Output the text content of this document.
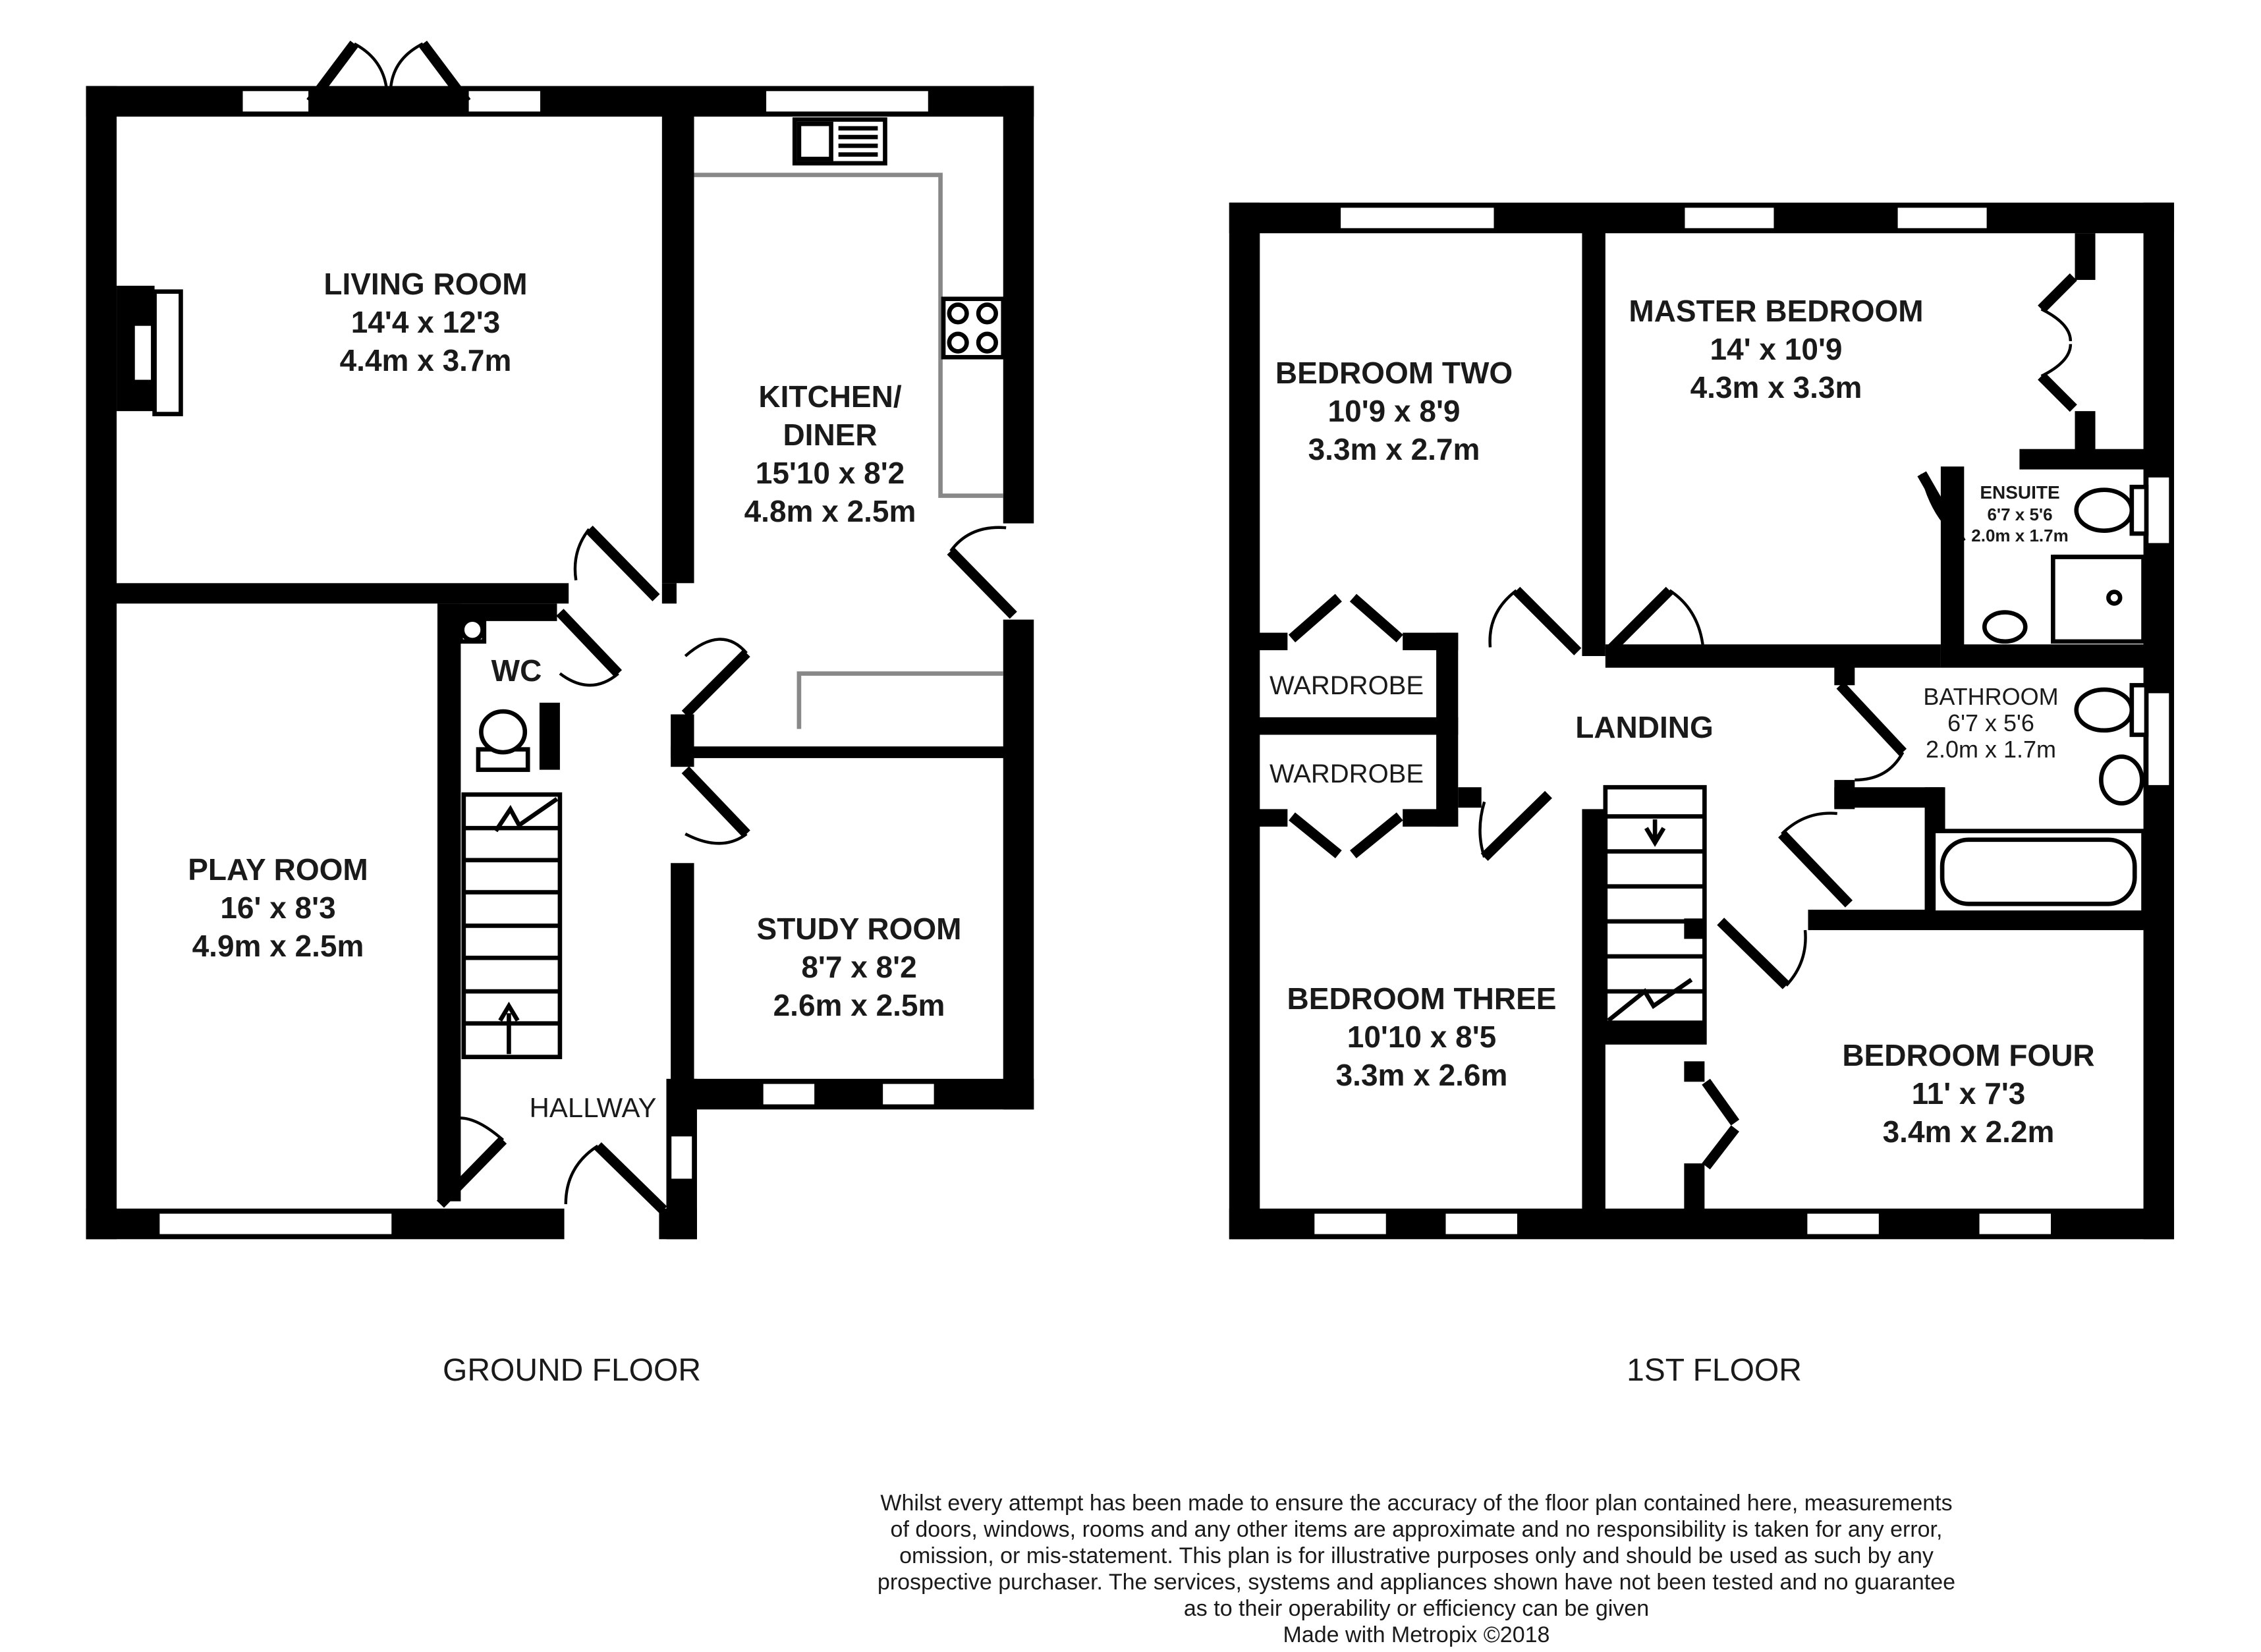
LIVING ROOM
14'4 x 12'3
4.4m x 3.7m
KITCHEN/
DINER
15'10 x 8'2
4.8m x 2.5m
PLAY ROOM
16' x 8'3
4.9m x 2.5m
WC
STUDY ROOM
8'7 x 8'2
2.6m x 2.5m
HALLWAY
GROUND FLOOR
BEDROOM TWO
10'9 x 8'9
3.3m x 2.7m
MASTER BEDROOM
14' x 10'9
4.3m x 3.3m
ENSUITE
6'7 x 5'6
2.0m x 1.7m
WARDROBE
WARDROBE
LANDING
BATHROOM
6'7 x 5'6
2.0m x 1.7m
BEDROOM THREE
10'10 x 8'5
3.3m x 2.6m
BEDROOM FOUR
11' x 7'3
3.4m x 2.2m
1ST FLOOR
Whilst every attempt has been made to ensure the accuracy of the floor plan contained here, measurements
of doors, windows, rooms and any other items are approximate and no responsibility is taken for any error,
omission, or mis-statement. This plan is for illustrative purposes only and should be used as such by any
prospective purchaser. The services, systems and appliances shown have not been tested and no guarantee
as to their operability or efficiency can be given
Made with Metropix ©2018
